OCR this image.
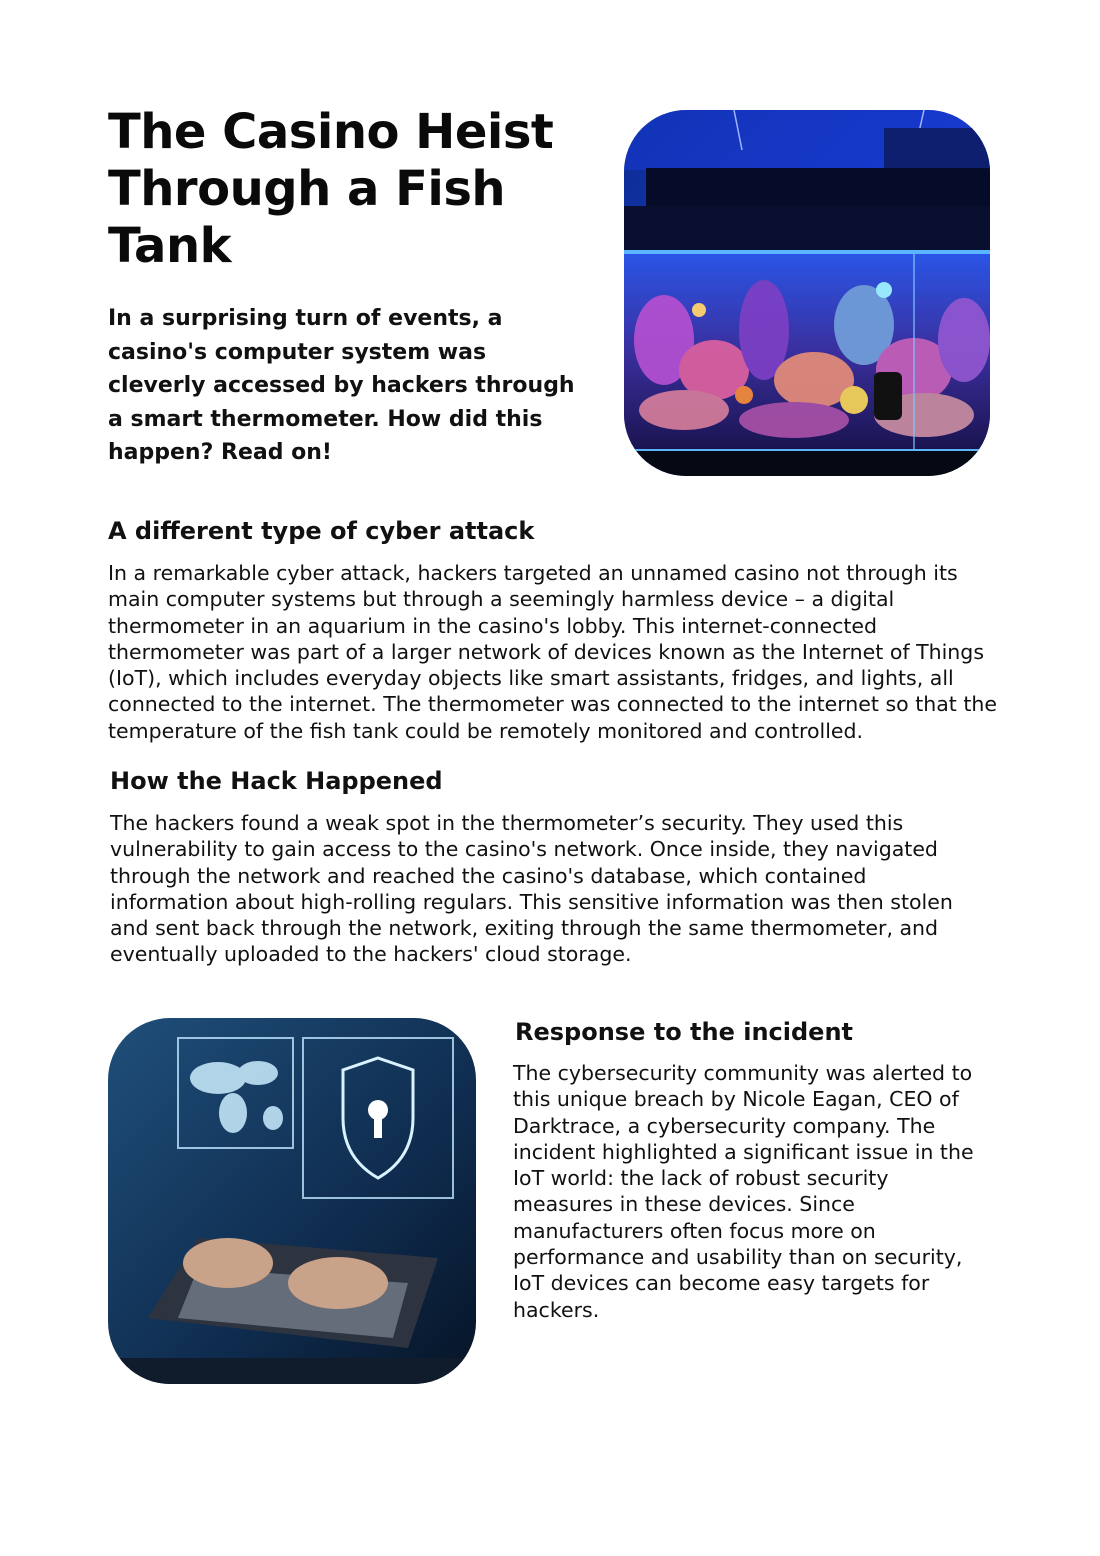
The Casino Heist Through a Fish Tank

In a surprising turn of events, a casino's computer system was cleverly accessed by hackers through a smart thermometer. How did this happen? Read on!

A different type of cyber attack

In a remarkable cyber attack, hackers targeted an unnamed casino not through its main computer systems but through a seemingly harmless device – a digital thermometer in an aquarium in the casino's lobby. This internet-connected thermometer was part of a larger network of devices known as the Internet of Things (IoT), which includes everyday objects like smart assistants, fridges, and lights, all connected to the internet. The thermometer was connected to the internet so that the temperature of the fish tank could be remotely monitored and controlled.

How the Hack Happened

The hackers found a weak spot in the thermometer’s security. They used this vulnerability to gain access to the casino's network. Once inside, they navigated through the network and reached the casino's database, which contained information about high-rolling regulars. This sensitive information was then stolen and sent back through the network, exiting through the same thermometer, and eventually uploaded to the hackers' cloud storage.

Response to the incident

The cybersecurity community was alerted to this unique breach by Nicole Eagan, CEO of Darktrace, a cybersecurity company. The incident highlighted a significant issue in the IoT world: the lack of robust security measures in these devices. Since manufacturers often focus more on performance and usability than on security, IoT devices can become easy targets for hackers.
